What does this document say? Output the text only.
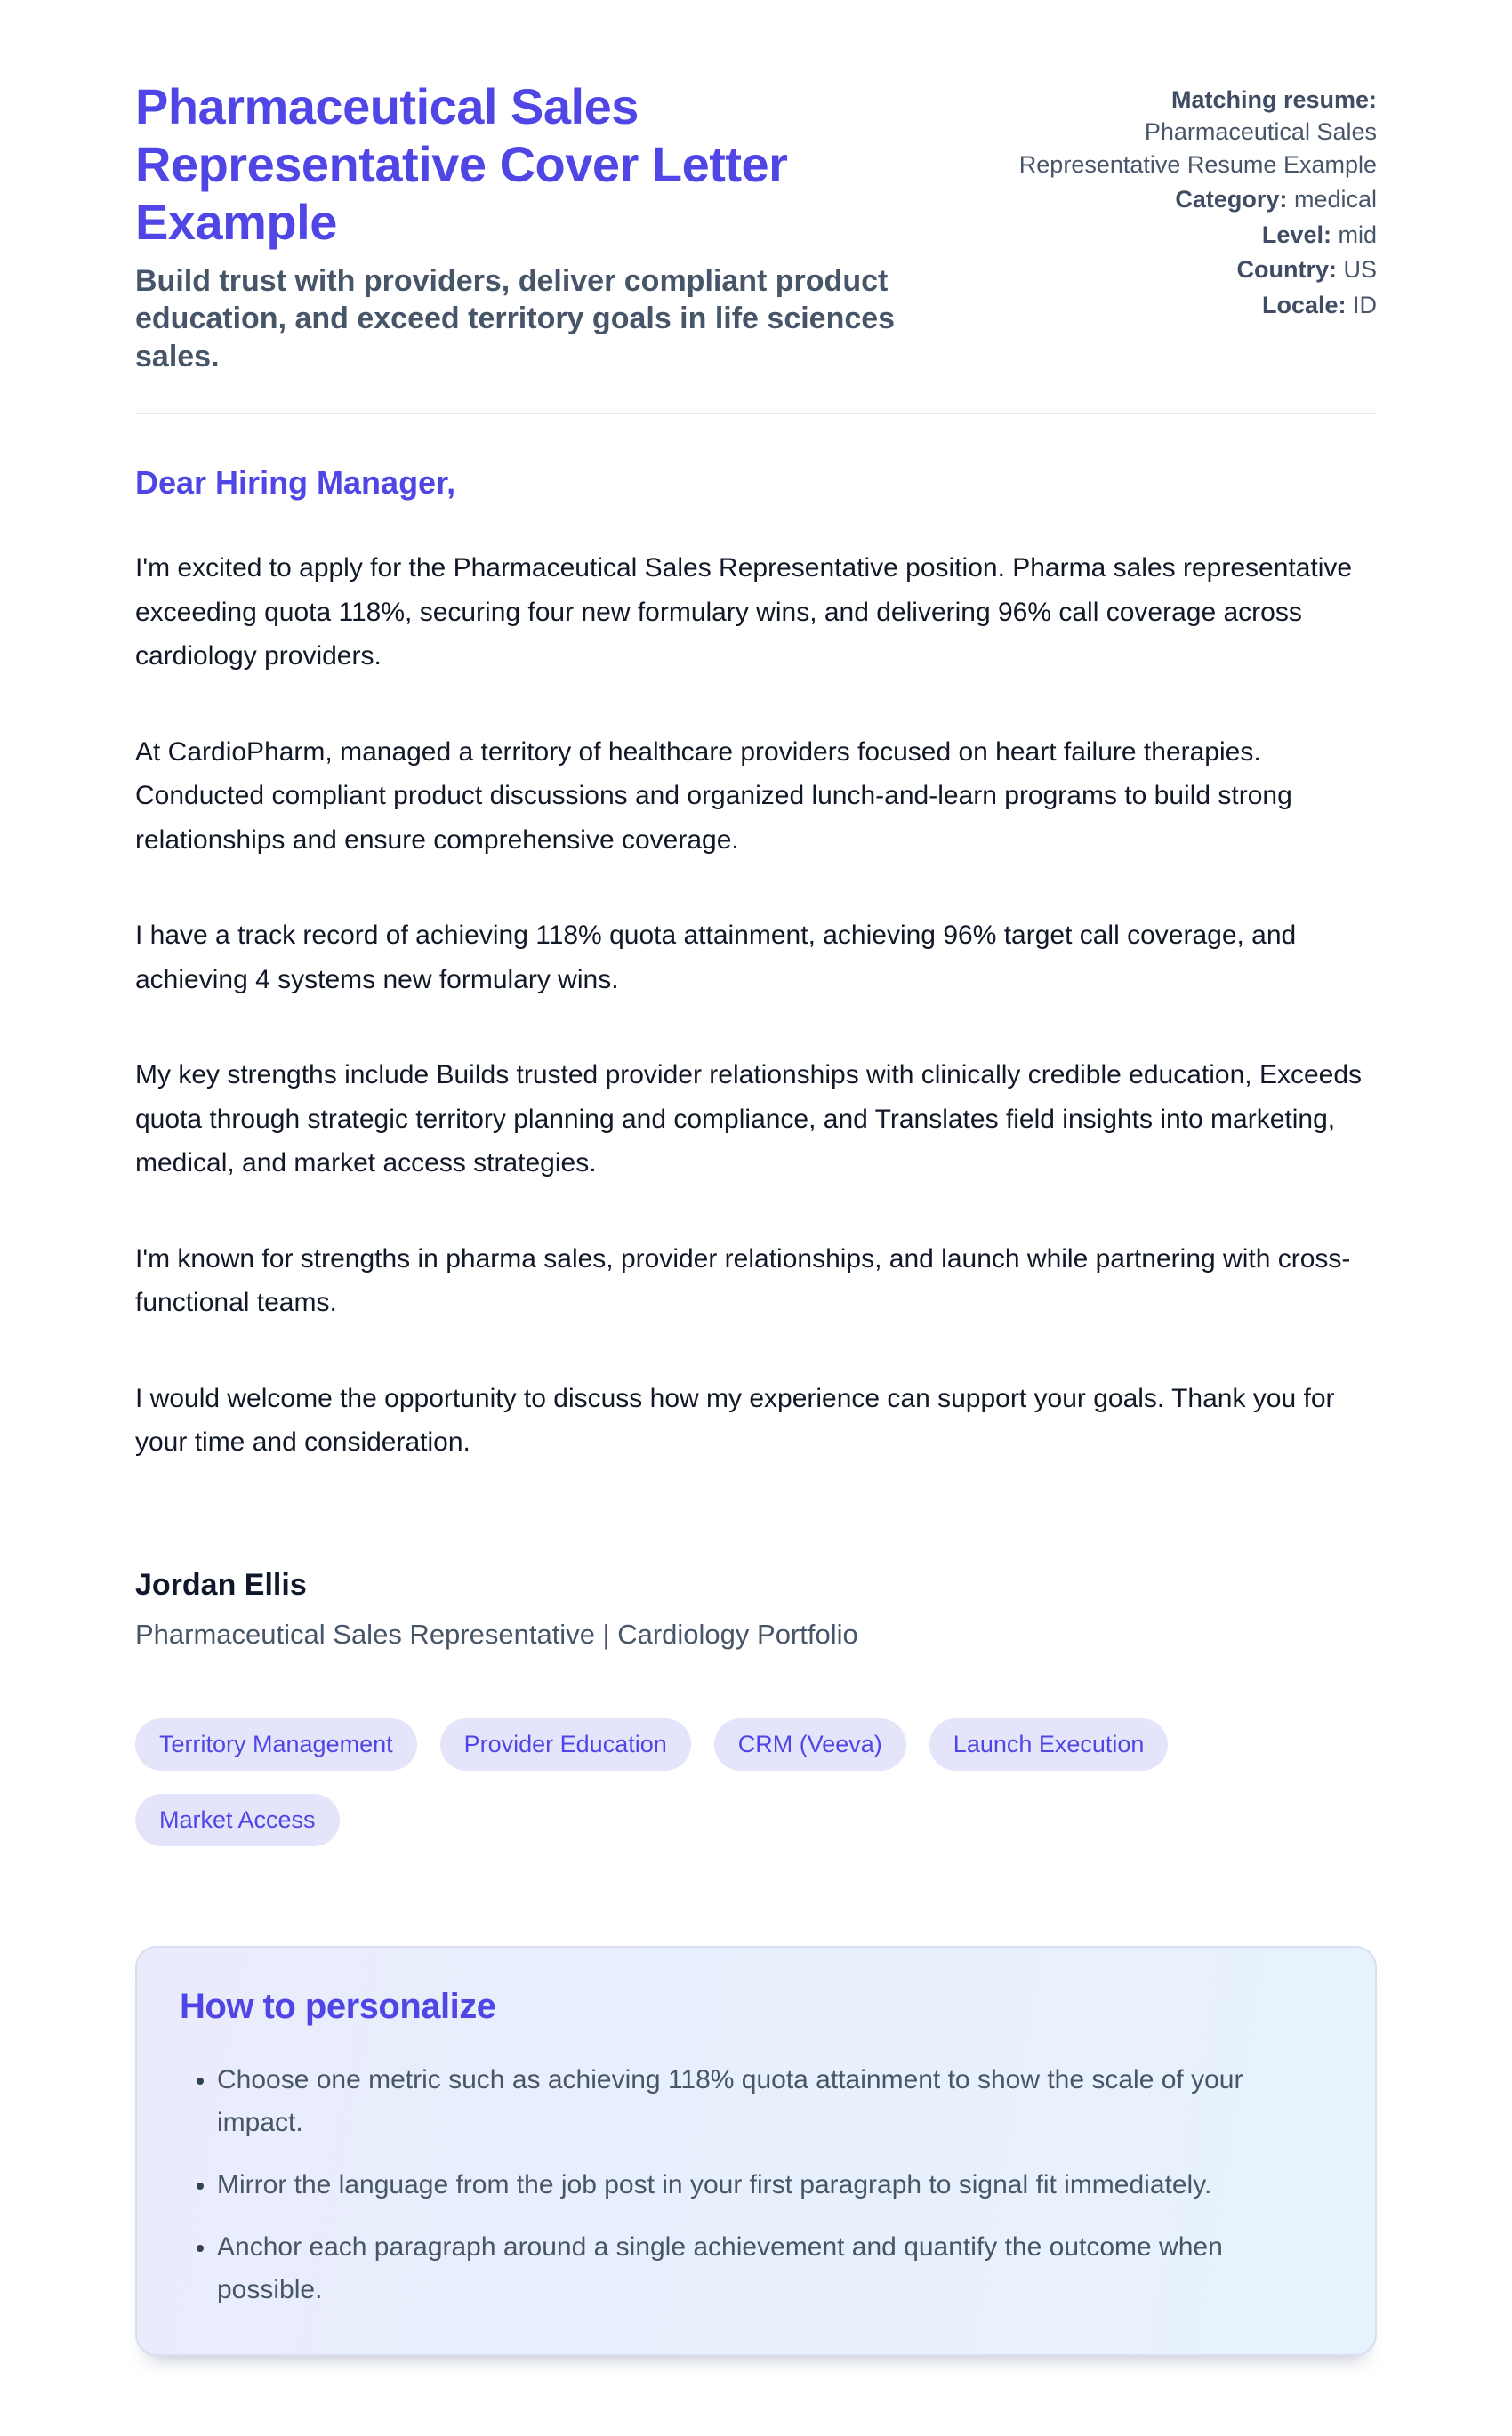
Pharmaceutical Sales Representative Cover Letter Example

Build trust with providers, deliver compliant product education, and exceed territory goals in life sciences sales.

Matching resume:
Pharmaceutical Sales Representative Resume Example
Category: medical
Level: mid
Country: US
Locale: ID

Dear Hiring Manager,

I'm excited to apply for the Pharmaceutical Sales Representative position. Pharma sales representative exceeding quota 118%, securing four new formulary wins, and delivering 96% call coverage across cardiology providers.

At CardioPharm, managed a territory of healthcare providers focused on heart failure therapies. Conducted compliant product discussions and organized lunch-and-learn programs to build strong relationships and ensure comprehensive coverage.

I have a track record of achieving 118% quota attainment, achieving 96% target call coverage, and achieving 4 systems new formulary wins.

My key strengths include Builds trusted provider relationships with clinically credible education, Exceeds quota through strategic territory planning and compliance, and Translates field insights into marketing, medical, and market access strategies.

I'm known for strengths in pharma sales, provider relationships, and launch while partnering with cross-functional teams.

I would welcome the opportunity to discuss how my experience can support your goals. Thank you for your time and consideration.

Jordan Ellis
Pharmaceutical Sales Representative | Cardiology Portfolio
Territory Management	Provider Education	CRM (Veeva)	Launch Execution
Market Access
How to personalize
• Choose one metric such as achieving 118% quota attainment to show the scale of your impact.
• Mirror the language from the job post in your first paragraph to signal fit immediately.
• Anchor each paragraph around a single achievement and quantify the outcome when possible.
